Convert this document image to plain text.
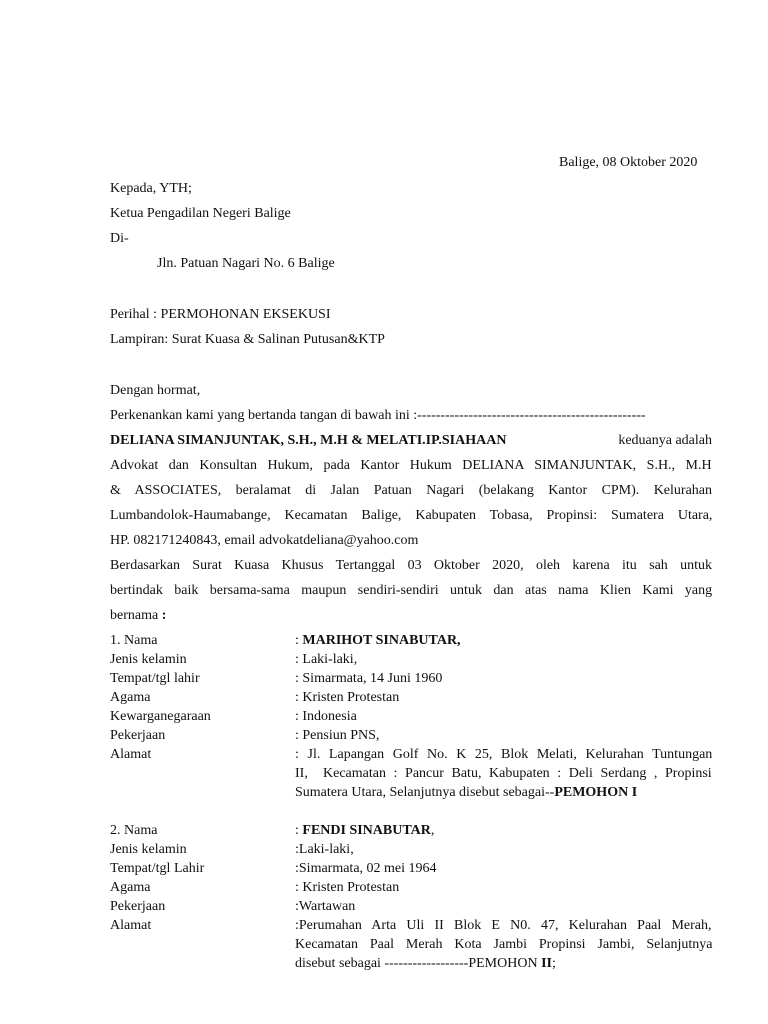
Balige, 08 Oktober 2020
Kepada, YTH;
Ketua Pengadilan Negeri Balige
Di-
Jln. Patuan Nagari No. 6 Balige
Perihal : PERMOHONAN EKSEKUSI
Lampiran: Surat Kuasa & Salinan Putusan&KTP
Dengan hormat,
Perkenankan kami yang bertanda tangan di bawah ini :-------------------------------------------------
DELIANA SIMANJUNTAK, S.H., M.H & MELATI.IP.SIAHAAN	keduanya adalah
Advokat dan Konsultan Hukum, pada Kantor Hukum DELIANA SIMANJUNTAK, S.H., M.H
& ASSOCIATES, beralamat di Jalan Patuan Nagari (belakang Kantor CPM). Kelurahan
Lumbandolok-Haumabange, Kecamatan Balige, Kabupaten Tobasa, Propinsi: Sumatera Utara,
HP. 082171240843, email advokatdeliana@yahoo.com
Berdasarkan Surat Kuasa Khusus Tertanggal 03 Oktober 2020, oleh karena itu sah untuk
bertindak baik bersama-sama maupun sendiri-sendiri untuk dan atas nama Klien Kami yang
bernama :
1. Nama	: MARIHOT SINABUTAR,
Jenis kelamin	: Laki-laki,
Tempat/tgl lahir	: Simarmata, 14 Juni 1960
Agama	: Kristen Protestan
Kewarganegaraan	: Indonesia
Pekerjaan	: Pensiun PNS,
Alamat	: Jl. Lapangan Golf No. K 25, Blok Melati, Kelurahan Tuntungan
II,  Kecamatan : Pancur Batu, Kabupaten : Deli Serdang , Propinsi
Sumatera Utara, Selanjutnya disebut sebagai--PEMOHON I
2. Nama	: FENDI SINABUTAR,
Jenis kelamin	:Laki-laki,
Tempat/tgl Lahir	:Simarmata, 02 mei 1964
Agama	: Kristen Protestan
Pekerjaan	:Wartawan
Alamat	:Perumahan Arta Uli II Blok E N0. 47, Kelurahan Paal Merah,
Kecamatan Paal Merah Kota Jambi Propinsi Jambi, Selanjutnya
disebut sebagai ------------------PEMOHON II;
